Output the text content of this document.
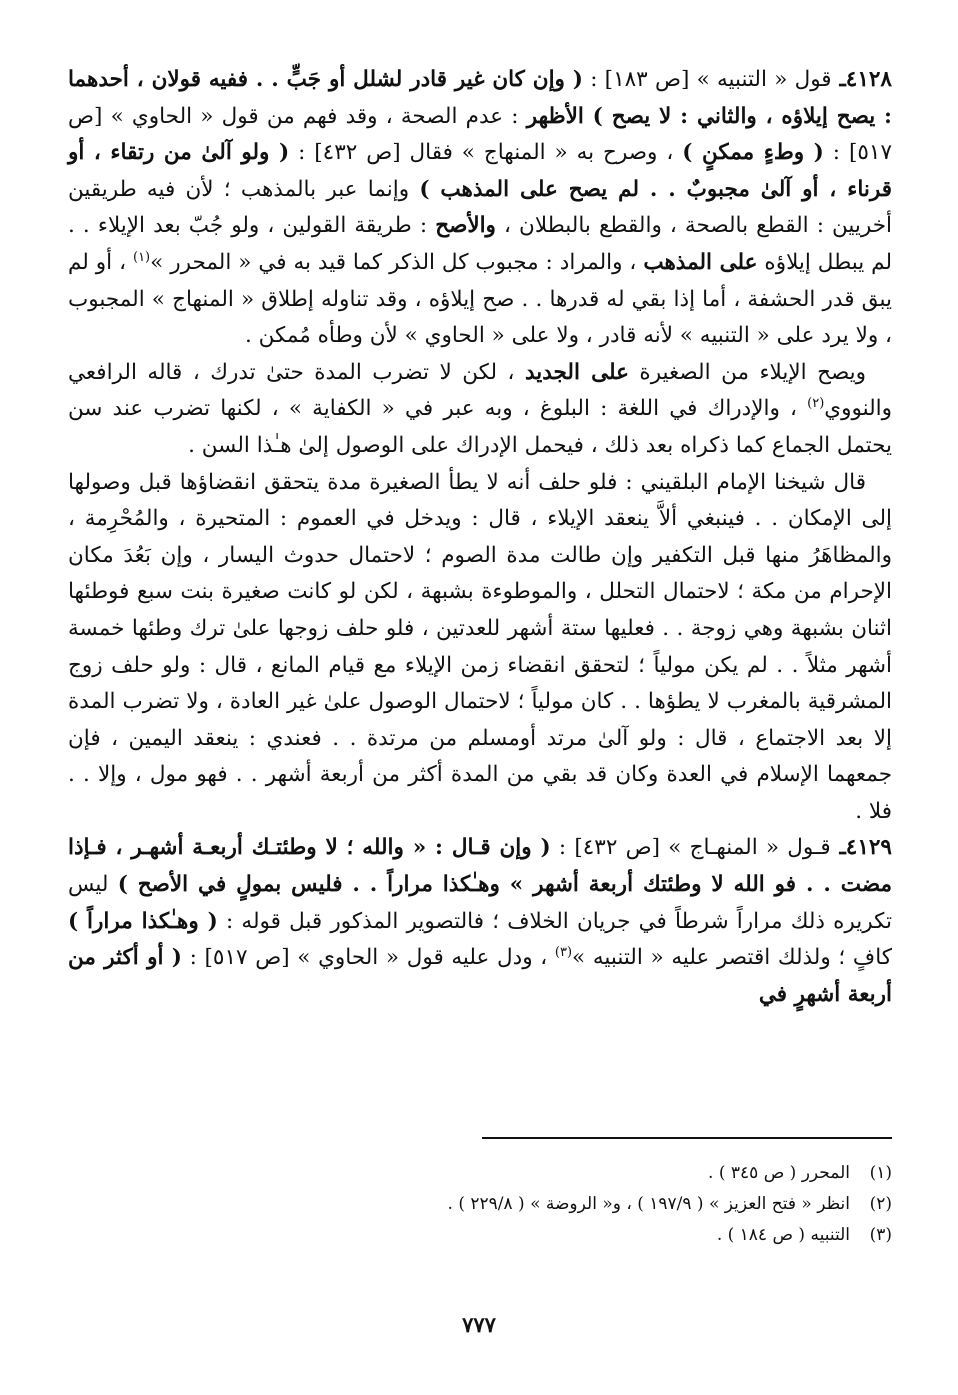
٤١٢٨ـ قول « التنبيه » [ص ١٨٣] : ( وإن كان غير قادر لشلل أو جَبٍّ . . ففيه قولان ، أحدهما : يصح إيلاؤه ، والثاني : لا يصح ) الأظهر : عدم الصحة ، وقد فهم من قول « الحاوي » [ص ٥١٧] : ( وطءٍ ممكنٍ ) ، وصرح به « المنهاج » فقال [ص ٤٣٢] : ( ولو آلىٰ من رتقاء ، أو قرناء ، أو آلىٰ مجبوبٌ . . لم يصح على المذهب ) وإنما عبر بالمذهب ؛ لأن فيه طريقين أخريين : القطع بالصحة ، والقطع بالبطلان ، والأصح : طريقة القولين ، ولو جُبّ بعد الإيلاء . . لم يبطل إيلاؤه على المذهب ، والمراد : مجبوب كل الذكر كما قيد به في « المحرر »$^{(١)}$ ، أو لم يبق قدر الحشفة ، أما إذا بقي له قدرها . . صح إيلاؤه ، وقد تناوله إطلاق « المنهاج » المجبوب ، ولا يرد على « التنبيه » لأنه قادر ، ولا على « الحاوي » لأن وطأه مُمكن .

ويصح الإيلاء من الصغيرة على الجديد ، لكن لا تضرب المدة حتىٰ تدرك ، قاله الرافعي والنووي$^{(٢)}$ ، والإدراك في اللغة : البلوغ ، وبه عبر في « الكفاية » ، لكنها تضرب عند سن يحتمل الجماع كما ذكراه بعد ذلك ، فيحمل الإدراك على الوصول إلىٰ هـٰذا السن .

قال شيخنا الإمام البلقيني : فلو حلف أنه لا يطأ الصغيرة مدة يتحقق انقضاؤها قبل وصولها إلى الإمكان . . فينبغي ألاَّ ينعقد الإيلاء ، قال : ويدخل في العموم : المتحيرة ، والمُحْرِمة ، والمظاهَرُ منها قبل التكفير وإن طالت مدة الصوم ؛ لاحتمال حدوث اليسار ، وإن بَعُدَ مكان الإحرام من مكة ؛ لاحتمال التحلل ، والموطوءة بشبهة ، لكن لو كانت صغيرة بنت سبع فوطئها اثنان بشبهة وهي زوجة . . فعليها ستة أشهر للعدتين ، فلو حلف زوجها علىٰ ترك وطئها خمسة أشهر مثلاً . . لم يكن مولياً ؛ لتحقق انقضاء زمن الإيلاء مع قيام المانع ، قال : ولو حلف زوج المشرقية بالمغرب لا يطؤها . . كان مولياً ؛ لاحتمال الوصول علىٰ غير العادة ، ولا تضرب المدة إلا بعد الاجتماع ، قال : ولو آلىٰ مرتد أومسلم من مرتدة . . فعندي : ينعقد اليمين ، فإن جمعهما الإسلام في العدة وكان قد بقي من المدة أكثر من أربعة أشهر . . فهو مول ، وإلا . . فلا .

٤١٢٩ـ قـول « المنهـاج » [ص ٤٣٢] : ( وإن قـال : « والله ؛ لا وطئتـك أربعـة أشهـر ، فـإذا مضت . . فو الله لا وطئتك أربعة أشهر » وهـٰكذا مراراً . . فليس بمولٍ في الأصح ) ليس تكريره ذلك مراراً شرطاً في جريان الخلاف ؛ فالتصوير المذكور قبل قوله : ( وهـٰكذا مراراً ) كافٍ ؛ ولذلك اقتصر عليه « التنبيه »$^{(٣)}$ ، ودل عليه قول « الحاوي » [ص ٥١٧] : ( أو أكثر من أربعة أشهرٍ في

(١)المحرر ( ص ٣٤٥ ) .
(٢)انظر « فتح العزيز » ( ١٩٧/٩ ) ، و« الروضة » ( ٢٢٩/٨ ) .
(٣)التنبيه ( ص ١٨٤ ) .
٧٧٧
